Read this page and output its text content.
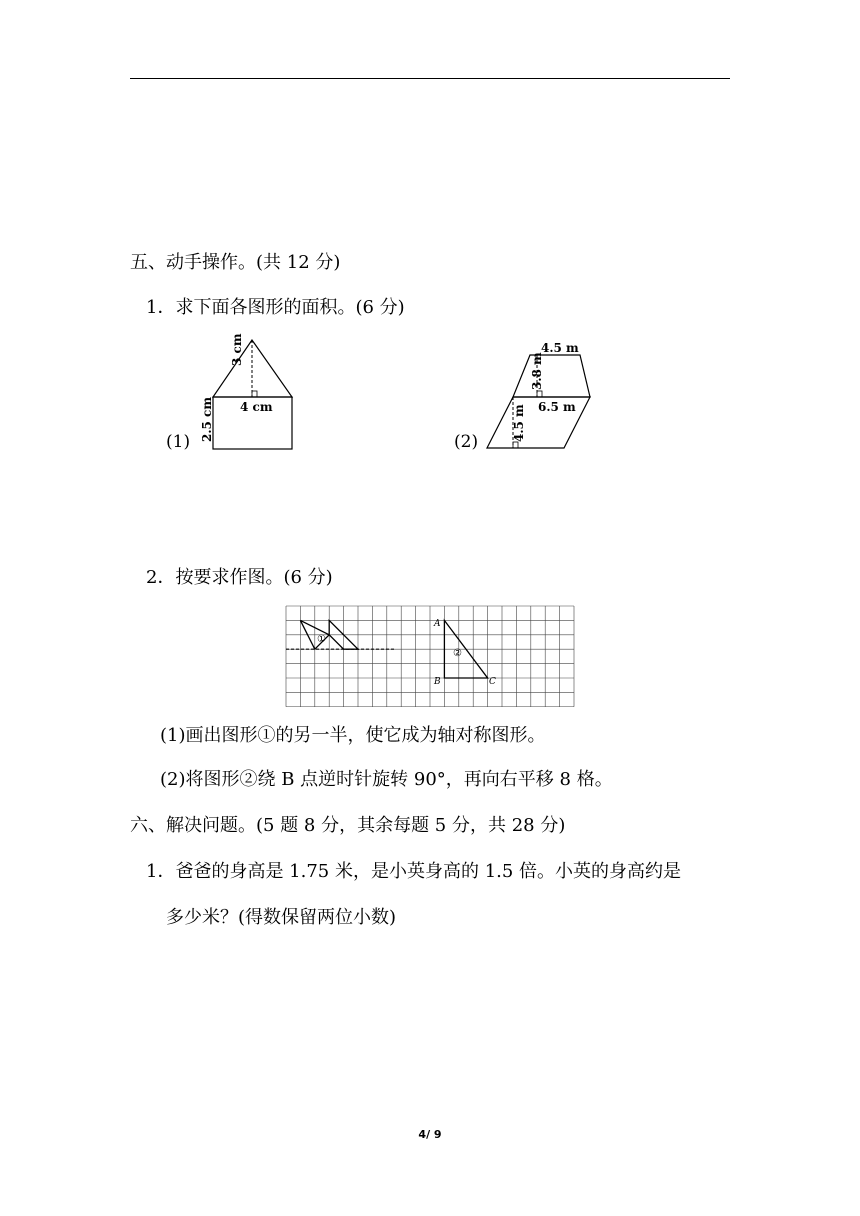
五、动手操作。(共 12 分)
1．求下面各图形的面积。(6 分)
3 cm
4 cm
2.5 cm
(1)
4.5 m
3.8 m
6.5 m
4.5 m
(2)
2．按要求作图。(6 分)
A
B	C
①
②
(1)画出图形①的另一半，使它成为轴对称图形。
(2)将图形②绕 B 点逆时针旋转 90°，再向右平移 8 格。
六、解决问题。(5 题 8 分，其余每题 5 分，共 28 分)
1．爸爸的身高是 1.75 米，是小英身高的 1.5 倍。小英的身高约是
多少米？(得数保留两位小数)
4/ 9
